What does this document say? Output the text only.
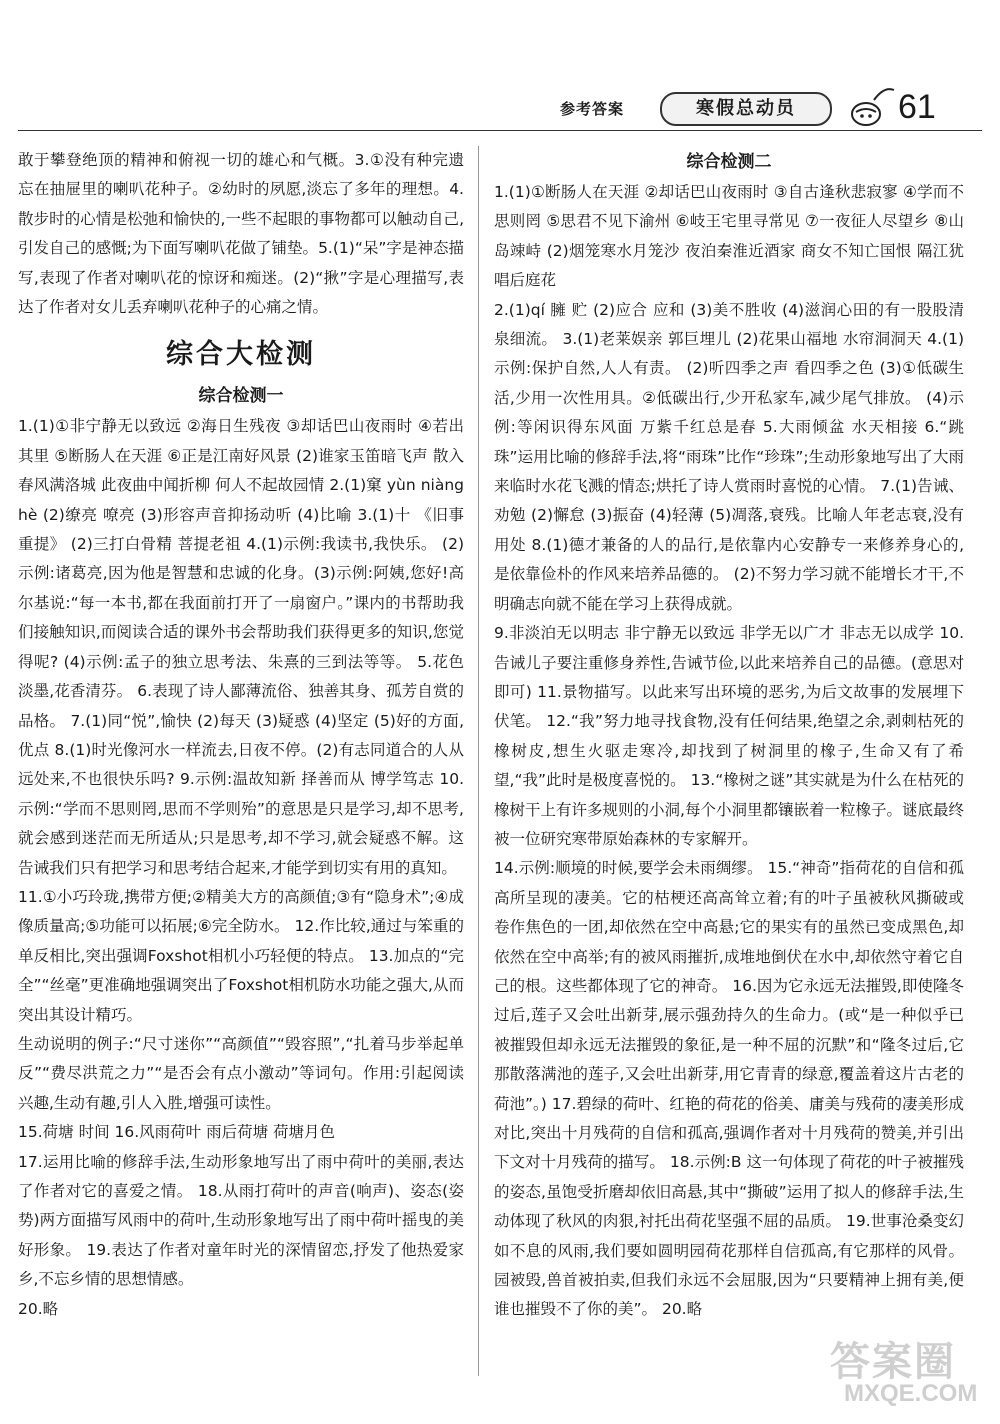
参考答案	寒假总动员	61

敢于攀登绝顶的精神和俯视一切的雄心和气概。3.①没有种完遗忘在抽屉里的喇叭花种子。②幼时的夙愿,淡忘了多年的理想。4.散步时的心情是松弛和愉快的,一些不起眼的事物都可以触动自己,引发自己的感慨;为下面写喇叭花做了铺垫。5.(1)“呆”字是神态描写,表现了作者对喇叭花的惊讶和痴迷。(2)“揪”字是心理描写,表达了作者对女儿丢弃喇叭花种子的心痛之情。

综合大检测
综合检测一

1.(1)①非宁静无以致远 ②海日生残夜 ③却话巴山夜雨时 ④若出其里 ⑤断肠人在天涯 ⑥正是江南好风景 (2)谁家玉笛暗飞声 散入春风满洛城 此夜曲中闻折柳 何人不起故园情 2.(1)窠 yùn niàng hè (2)缭亮 嘹亮 (3)形容声音抑扬动听 (4)比喻 3.(1)十 《旧事重提》 (2)三打白骨精 菩提老祖 4.(1)示例:我读书,我快乐。 (2)示例:诸葛亮,因为他是智慧和忠诚的化身。(3)示例:阿姨,您好!高尔基说:“每一本书,都在我面前打开了一扇窗户。”课内的书帮助我们接触知识,而阅读合适的课外书会帮助我们获得更多的知识,您觉得呢? (4)示例:孟子的独立思考法、朱熹的三到法等等。 5.花色淡墨,花香清芬。 6.表现了诗人鄙薄流俗、独善其身、孤芳自赏的品格。 7.(1)同“悦”,愉快 (2)每天 (3)疑惑 (4)坚定 (5)好的方面,优点 8.(1)时光像河水一样流去,日夜不停。(2)有志同道合的人从远处来,不也很快乐吗? 9.示例:温故知新 择善而从 博学笃志 10.示例:“学而不思则罔,思而不学则殆”的意思是只是学习,却不思考,就会感到迷茫而无所适从;只是思考,却不学习,就会疑惑不解。这告诫我们只有把学习和思考结合起来,才能学到切实有用的真知。

11.①小巧玲珑,携带方便;②精美大方的高颜值;③有“隐身术”;④成像质量高;⑤功能可以拓展;⑥完全防水。 12.作比较,通过与笨重的单反相比,突出强调Foxshot相机小巧轻便的特点。 13.加点的“完全”“丝毫”更准确地强调突出了Foxshot相机防水功能之强大,从而突出其设计精巧。

生动说明的例子:“尺寸迷你”“高颜值”“毁容照”,“扎着马步举起单反”“费尽洪荒之力”“是否会有点小激动”等词句。作用:引起阅读兴趣,生动有趣,引人入胜,增强可读性。

15.荷塘 时间 16.风雨荷叶 雨后荷塘 荷塘月色

17.运用比喻的修辞手法,生动形象地写出了雨中荷叶的美丽,表达了作者对它的喜爱之情。 18.从雨打荷叶的声音(响声)、姿态(姿势)两方面描写风雨中的荷叶,生动形象地写出了雨中荷叶摇曳的美好形象。 19.表达了作者对童年时光的深情留恋,抒发了他热爱家乡,不忘乡情的思想情感。

20.略

综合检测二

1.(1)①断肠人在天涯 ②却话巴山夜雨时 ③自古逢秋悲寂寥 ④学而不思则罔 ⑤思君不见下渝州 ⑥岐王宅里寻常见 ⑦一夜征人尽望乡 ⑧山岛竦峙 (2)烟笼寒水月笼沙 夜泊秦淮近酒家 商女不知亡国恨 隔江犹唱后庭花

2.(1)qí 臃 贮 (2)应合 应和 (3)美不胜收 (4)滋润心田的有一股股清泉细流。 3.(1)老莱娱亲 郭巨埋儿 (2)花果山福地 水帘洞洞天 4.(1)示例:保护自然,人人有责。 (2)听四季之声 看四季之色 (3)①低碳生活,少用一次性用具。②低碳出行,少开私家车,减少尾气排放。 (4)示例:等闲识得东风面 万紫千红总是春 5.大雨倾盆 水天相接 6.“跳珠”运用比喻的修辞手法,将“雨珠”比作“珍珠”;生动形象地写出了大雨来临时水花飞溅的情态;烘托了诗人赏雨时喜悦的心情。 7.(1)告诫、劝勉 (2)懈怠 (3)振奋 (4)轻薄 (5)凋落,衰残。比喻人年老志衰,没有用处 8.(1)德才兼备的人的品行,是依靠内心安静专一来修养身心的,是依靠俭朴的作风来培养品德的。 (2)不努力学习就不能增长才干,不明确志向就不能在学习上获得成就。

9.非淡泊无以明志 非宁静无以致远 非学无以广才 非志无以成学 10.告诫儿子要注重修身养性,告诫节俭,以此来培养自己的品德。(意思对即可) 11.景物描写。以此来写出环境的恶劣,为后文故事的发展埋下伏笔。 12.“我”努力地寻找食物,没有任何结果,绝望之余,剥刺枯死的橡树皮,想生火驱走寒冷,却找到了树洞里的橡子,生命又有了希望,“我”此时是极度喜悦的。 13.“橡树之谜”其实就是为什么在枯死的橡树干上有许多规则的小洞,每个小洞里都镶嵌着一粒橡子。谜底最终被一位研究寒带原始森林的专家解开。

14.示例:顺境的时候,要学会未雨绸缪。 15.“神奇”指荷花的自信和孤高所呈现的凄美。它的枯梗还高高耸立着;有的叶子虽被秋风撕破或卷作焦色的一团,却依然在空中高悬;它的果实有的虽然已变成黑色,却依然在空中高举;有的被风雨摧折,成堆地倒伏在水中,却依然守着它自己的根。这些都体现了它的神奇。 16.因为它永远无法摧毁,即使隆冬过后,莲子又会吐出新芽,展示强劲持久的生命力。(或“是一种似乎已被摧毁但却永远无法摧毁的象征,是一种不屈的沉默”和“隆冬过后,它那散落满池的莲子,又会吐出新芽,用它青青的绿意,覆盖着这片古老的荷池”。) 17.碧绿的荷叶、红艳的荷花的俗美、庸美与残荷的凄美形成对比,突出十月残荷的自信和孤高,强调作者对十月残荷的赞美,并引出下文对十月残荷的描写。 18.示例:B 这一句体现了荷花的叶子被摧残的姿态,虽饱受折磨却依旧高悬,其中“撕破”运用了拟人的修辞手法,生动体现了秋风的肉狠,衬托出荷花坚强不屈的品质。 19.世事沧桑变幻如不息的风雨,我们要如圆明园荷花那样自信孤高,有它那样的风骨。园被毁,兽首被拍卖,但我们永远不会屈服,因为“只要精神上拥有美,便谁也摧毁不了你的美”。 20.略

答案圈
MXQE.COM
